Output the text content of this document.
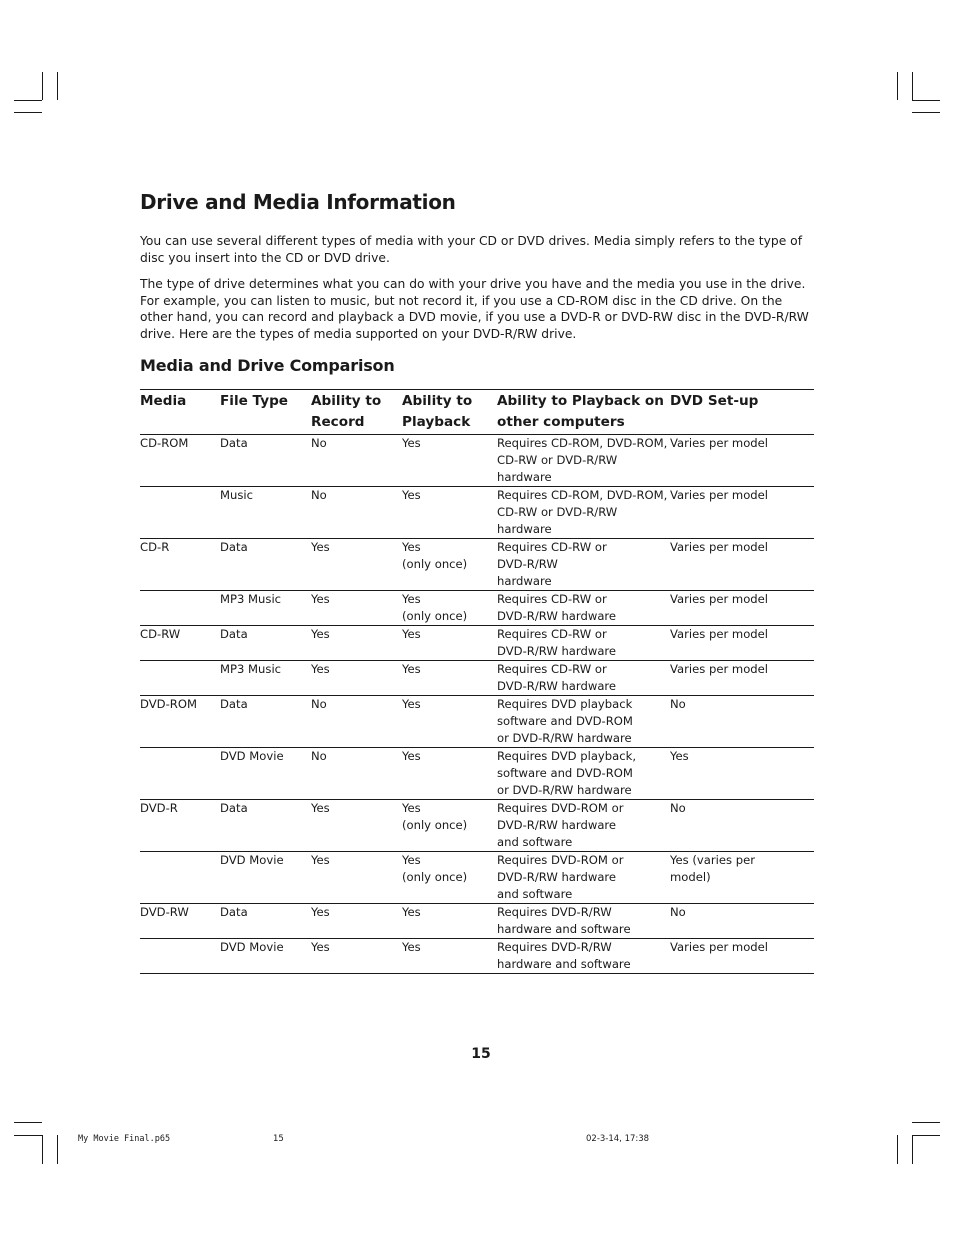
Drive and Media Information

You can use several different types of media with your CD or DVD drives. Media simply refers to the type of disc you insert into the CD or DVD drive.

The type of drive determines what you can do with your drive you have and the media you use in the drive. For example, you can listen to music, but not record it, if you use a CD-ROM disc in the CD drive. On the other hand, you can record and playback a DVD movie, if you use a DVD-R or DVD-RW disc in the DVD-R/RW drive. Here are the types of media supported on your DVD-R/RW drive.

Media and Drive Comparison
Media	File Type	Ability to Record	Ability to Playback	Ability to Playback on other computers	DVD Set-up
CD-ROM	Data	No	Yes	Requires CD-ROM, DVD-ROM,
CD-RW or DVD-R/RW
hardware	Varies per model
	Music	No	Yes	Requires CD-ROM, DVD-ROM,
CD-RW or DVD-R/RW
hardware	Varies per model
CD-R	Data	Yes	Yes
(only once)	Requires CD-RW or
DVD-R/RW
hardware	Varies per model
	MP3 Music	Yes	Yes
(only once)	Requires CD-RW or
DVD-R/RW hardware	Varies per model
CD-RW	Data	Yes	Yes	Requires CD-RW or
DVD-R/RW hardware	Varies per model
	MP3 Music	Yes	Yes	Requires CD-RW or
DVD-R/RW hardware	Varies per model
DVD-ROM	Data	No	Yes	Requires DVD playback
software and DVD-ROM
or DVD-R/RW hardware	No
	DVD Movie	No	Yes	Requires DVD playback,
software and DVD-ROM
or DVD-R/RW hardware	Yes
DVD-R	Data	Yes	Yes
(only once)	Requires DVD-ROM or
DVD-R/RW hardware
and software	No
	DVD Movie	Yes	Yes
(only once)	Requires DVD-ROM or
DVD-R/RW hardware
and software	Yes (varies per
model)
DVD-RW	Data	Yes	Yes	Requires DVD-R/RW
hardware and software	No
	DVD Movie	Yes	Yes	Requires DVD-R/RW
hardware and software	Varies per model
15
My Movie Final.p65	15	02-3-14, 17:38
